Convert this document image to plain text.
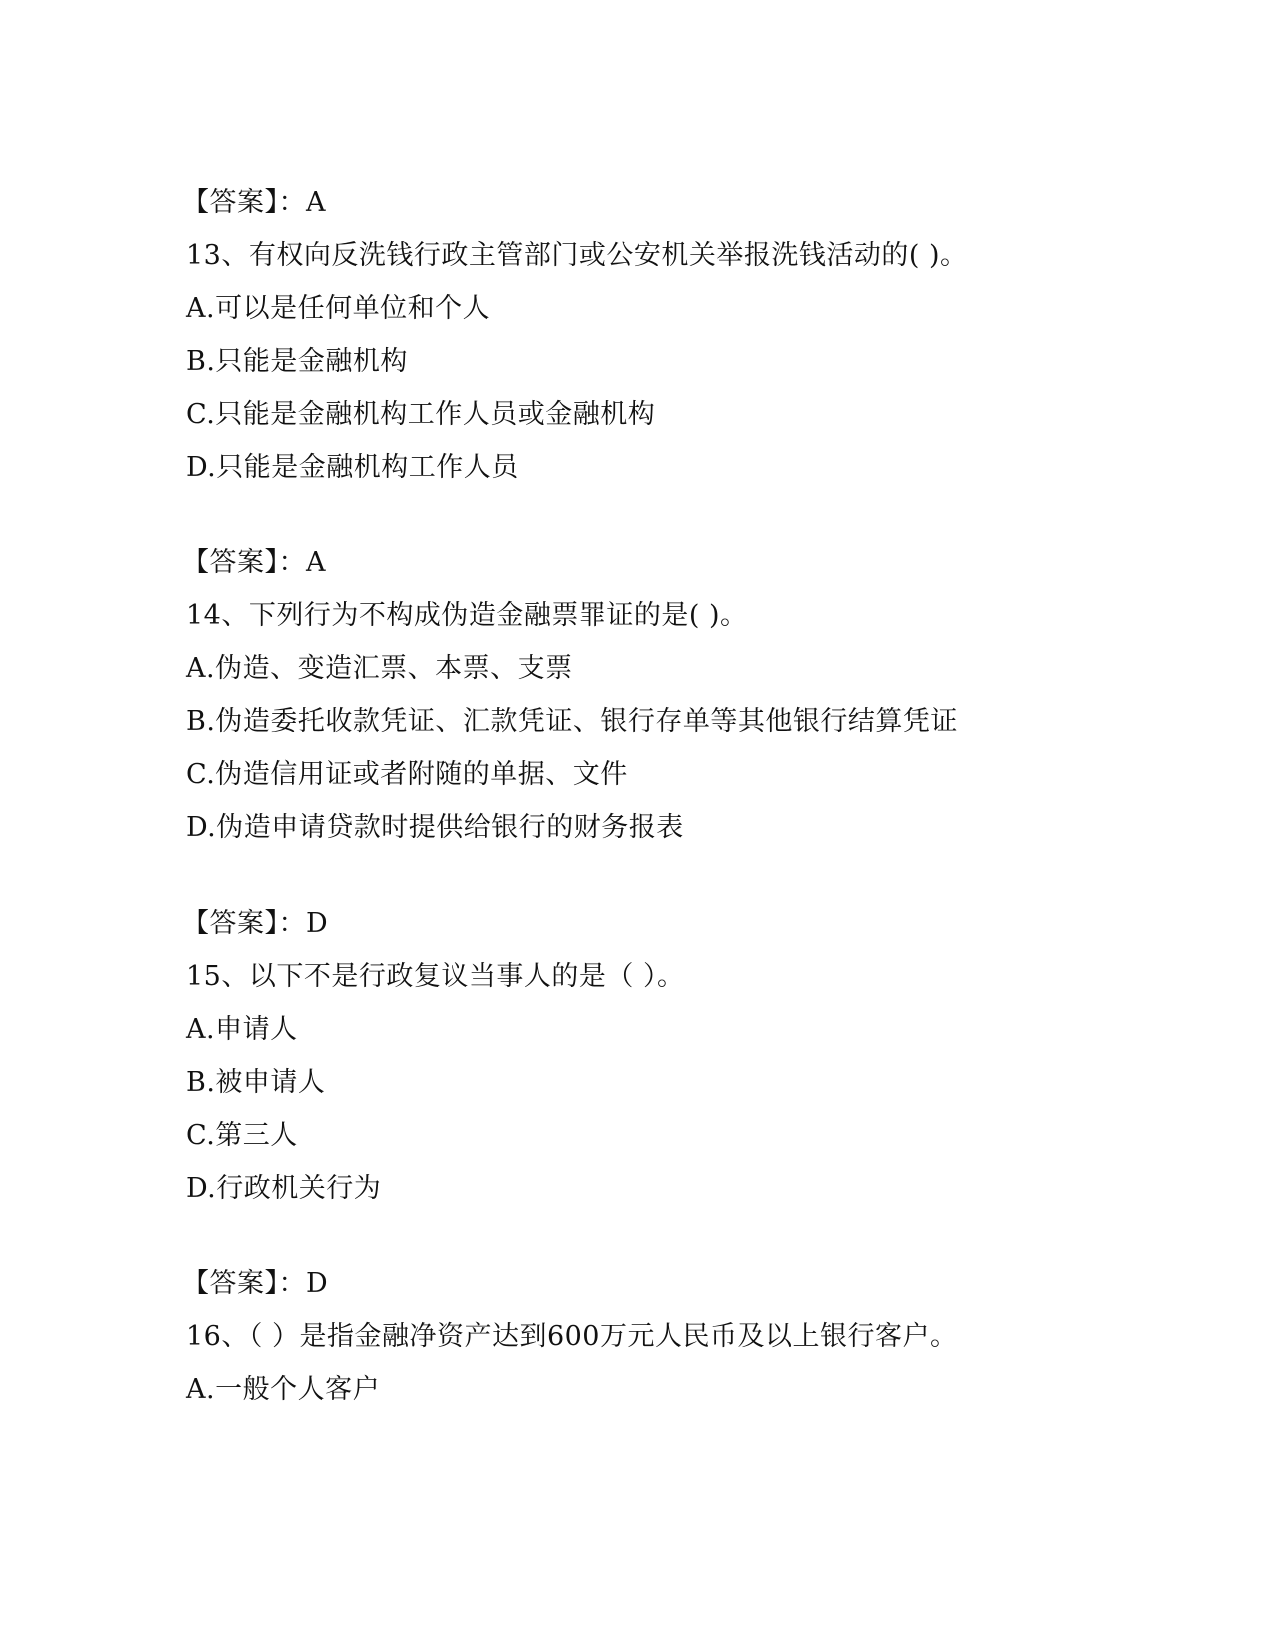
【答案】：A
13、有权向反洗钱行政主管部门或公安机关举报洗钱活动的( )。
A.可以是任何单位和个人
B.只能是金融机构
C.只能是金融机构工作人员或金融机构
D.只能是金融机构工作人员
【答案】：A
14、下列行为不构成伪造金融票罪证的是( )。
A.伪造、变造汇票、本票、支票
B.伪造委托收款凭证、汇款凭证、银行存单等其他银行结算凭证
C.伪造信用证或者附随的单据、文件
D.伪造申请贷款时提供给银行的财务报表
【答案】：D
15、以下不是行政复议当事人的是（ ）。
A.申请人
B.被申请人
C.第三人
D.行政机关行为
【答案】：D
16、（ ）是指金融净资产达到600万元人民币及以上银行客户。
A.一般个人客户
